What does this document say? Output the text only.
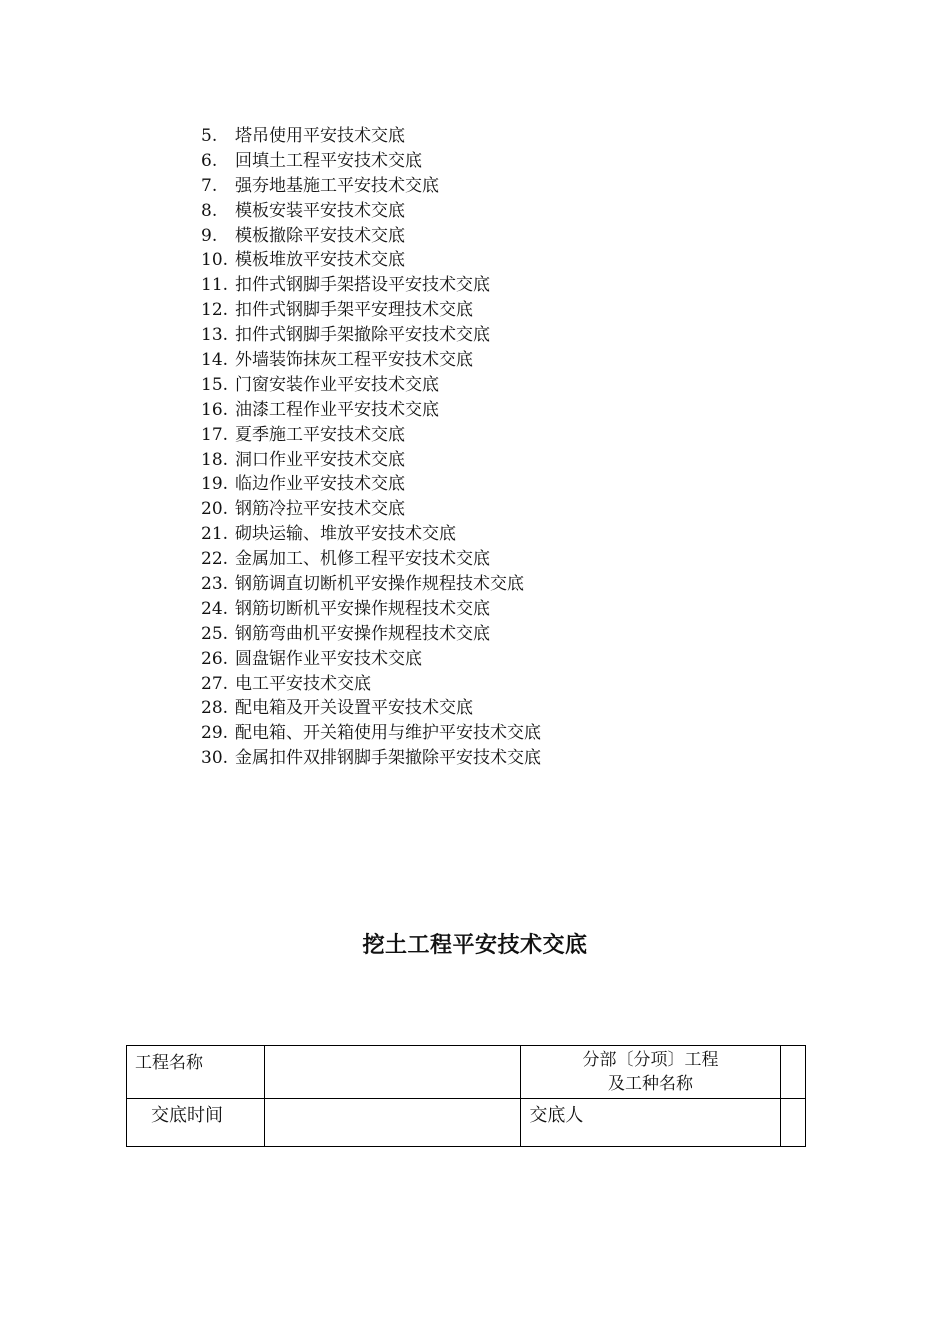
5. 塔吊使用平安技术交底
6. 回填土工程平安技术交底
7. 强夯地基施工平安技术交底
8. 模板安装平安技术交底
9. 模板撤除平安技术交底
10. 模板堆放平安技术交底
11. 扣件式钢脚手架搭设平安技术交底
12. 扣件式钢脚手架平安理技术交底
13. 扣件式钢脚手架撤除平安技术交底
14. 外墙装饰抹灰工程平安技术交底
15. 门窗安装作业平安技术交底
16. 油漆工程作业平安技术交底
17. 夏季施工平安技术交底
18. 洞口作业平安技术交底
19. 临边作业平安技术交底
20. 钢筋冷拉平安技术交底
21. 砌块运输、堆放平安技术交底
22. 金属加工、机修工程平安技术交底
23. 钢筋调直切断机平安操作规程技术交底
24. 钢筋切断机平安操作规程技术交底
25. 钢筋弯曲机平安操作规程技术交底
26. 圆盘锯作业平安技术交底
27. 电工平安技术交底
28. 配电箱及开关设置平安技术交底
29. 配电箱、开关箱使用与维护平安技术交底
30. 金属扣件双排钢脚手架撤除平安技术交底
挖土工程平安技术交底
工程名称		分部〔分项〕工程
及工种名称	

交底时间		交底人	
